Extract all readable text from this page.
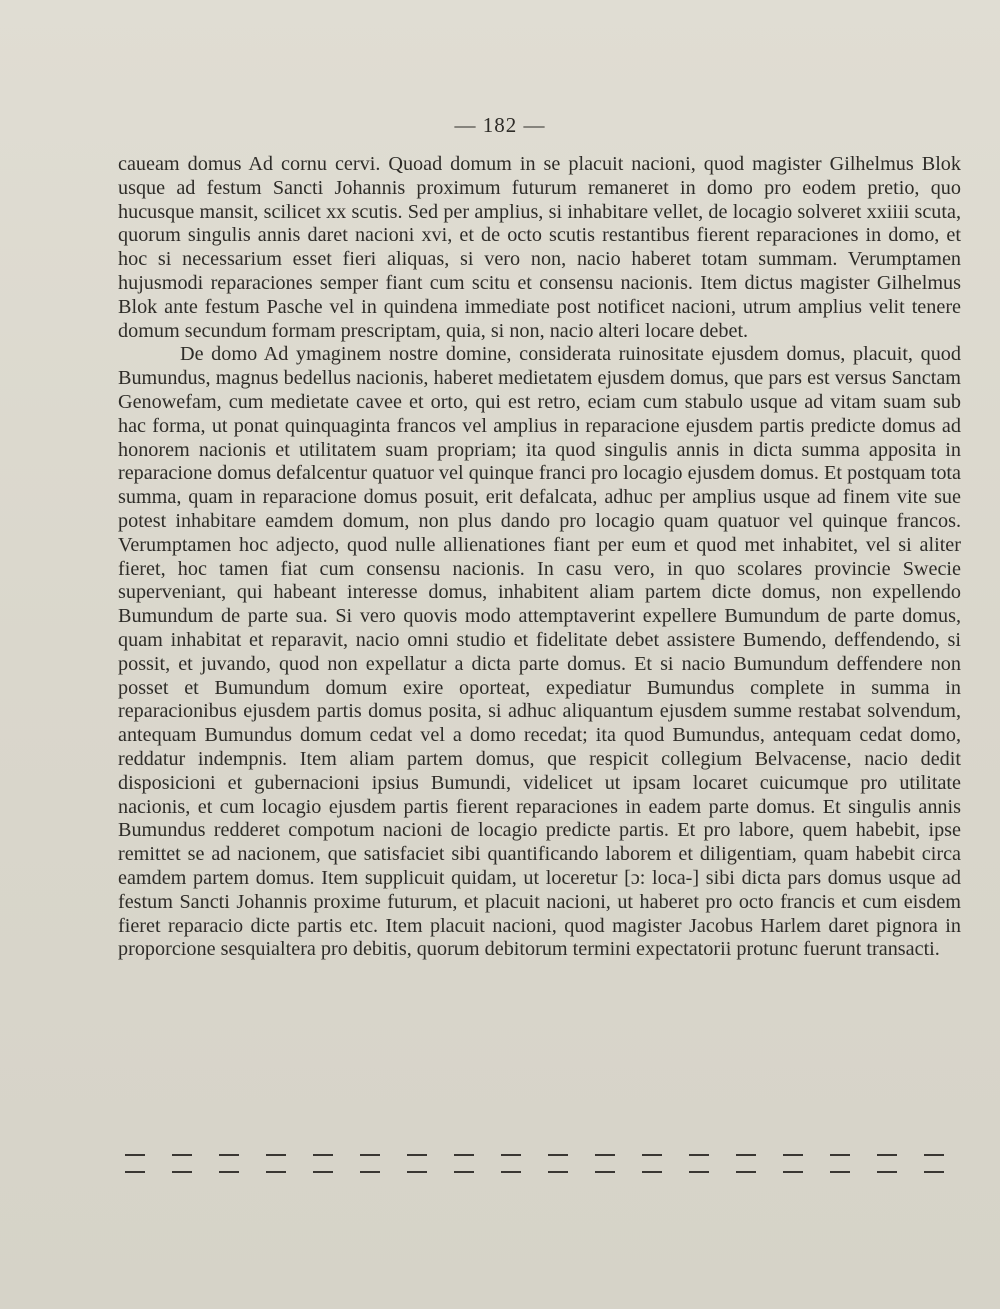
— 182 —

caueam domus Ad cornu cervi. Quoad domum in se placuit nacioni, quod magister Gilhelmus Blok usque ad festum Sancti Johannis proximum futurum remaneret in domo pro eodem pretio, quo hucusque mansit, scilicet xx scutis. Sed per amplius, si inhabitare vellet, de locagio solveret xxiiii scuta, quorum singulis annis daret nacioni xvi, et de octo scutis restantibus fierent reparaciones in domo, et hoc si necessarium esset fieri aliquas, si vero non, nacio haberet totam summam. Verumptamen hujusmodi reparaciones semper fiant cum scitu et consensu nacionis. Item dictus magister Gilhelmus Blok ante festum Pasche vel in quindena immediate post notificet nacioni, utrum amplius velit tenere domum secundum formam prescriptam, quia, si non, nacio alteri locare debet.

De domo Ad ymaginem nostre domine, considerata ruinositate ejusdem domus, placuit, quod Bumundus, magnus bedellus nacionis, haberet medietatem ejusdem domus, que pars est versus Sanctam Genowefam, cum medietate cavee et orto, qui est retro, eciam cum stabulo usque ad vitam suam sub hac forma, ut ponat quinquaginta francos vel amplius in reparacione ejusdem partis predicte domus ad honorem nacionis et utilitatem suam propriam; ita quod singulis annis in dicta summa apposita in reparacione domus defalcentur quatuor vel quinque franci pro locagio ejusdem domus. Et postquam tota summa, quam in reparacione domus posuit, erit defalcata, adhuc per amplius usque ad finem vite sue potest inhabitare eamdem domum, non plus dando pro locagio quam quatuor vel quinque francos. Verumptamen hoc adjecto, quod nulle allienationes fiant per eum et quod met inhabitet, vel si aliter fieret, hoc tamen fiat cum consensu nacionis. In casu vero, in quo scolares provincie Swecie superveniant, qui habeant interesse domus, inhabitent aliam partem dicte domus, non expellendo Bumundum de parte sua. Si vero quovis modo attemptaverint expellere Bumundum de parte domus, quam inhabitat et reparavit, nacio omni studio et fidelitate debet assistere Bumendo, deffendendo, si possit, et juvando, quod non expellatur a dicta parte domus. Et si nacio Bumundum deffendere non posset et Bumundum domum exire oporteat, expediatur Bumundus complete in summa in reparacionibus ejusdem partis domus posita, si adhuc aliquantum ejusdem summe restabat solvendum, antequam Bumundus domum cedat vel a domo recedat; ita quod Bumundus, antequam cedat domo, reddatur indempnis. Item aliam partem domus, que respicit collegium Belvacense, nacio dedit disposicioni et gubernacioni ipsius Bumundi, videlicet ut ipsam locaret cuicumque pro utilitate nacionis, et cum locagio ejusdem partis fierent reparaciones in eadem parte domus. Et singulis annis Bumundus redderet compotum nacioni de locagio predicte partis. Et pro labore, quem habebit, ipse remittet se ad nacionem, que satisfaciet sibi quantificando laborem et diligentiam, quam habebit circa eamdem partem domus. Item supplicuit quidam, ut loceretur [ɔ: loca-] sibi dicta pars domus usque ad festum Sancti Johannis proxime futurum, et placuit nacioni, ut haberet pro octo francis et cum eisdem fieret reparacio dicte partis etc. Item placuit nacioni, quod magister Jacobus Harlem daret pignora in proporcione sesquialtera pro debitis, quorum debitorum termini expectatorii protunc fuerunt transacti.
